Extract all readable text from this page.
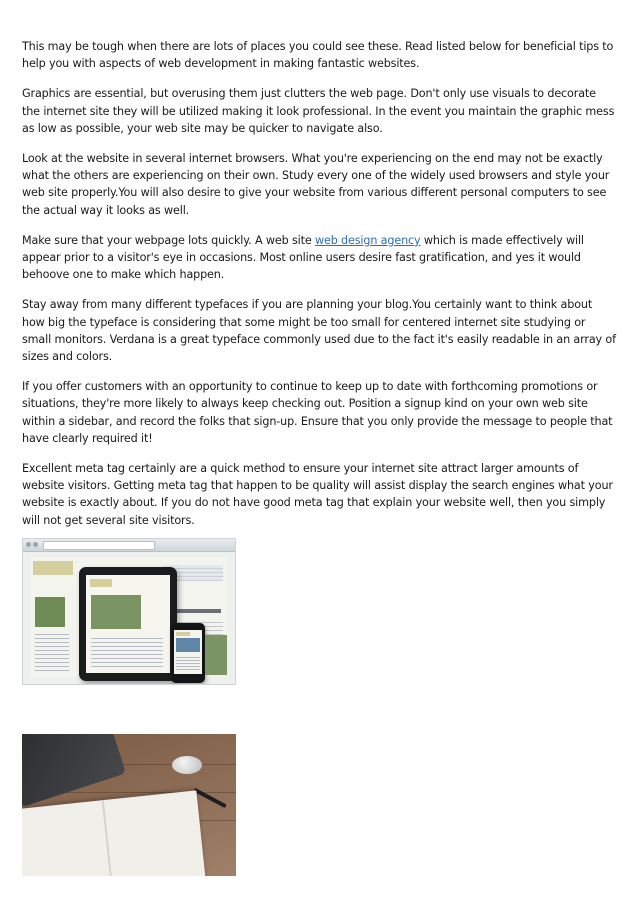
This may be tough when there are lots of places you could see these. Read listed below for beneficial tips to help you with aspects of web development in making fantastic websites.

Graphics are essential, but overusing them just clutters the web page. Don't only use visuals to decorate the internet site they will be utilized making it look professional. In the event you maintain the graphic mess as low as possible, your web site may be quicker to navigate also.

Look at the website in several internet browsers. What you're experiencing on the end may not be exactly what the others are experiencing on their own. Study every one of the widely used browsers and style your web site properly.You will also desire to give your website from various different personal computers to see the actual way it looks as well.

Make sure that your webpage lots quickly. A web site web design agency which is made effectively will appear prior to a visitor's eye in occasions. Most online users desire fast gratification, and yes it would behoove one to make which happen.

Stay away from many different typefaces if you are planning your blog.You certainly want to think about how big the typeface is considering that some might be too small for centered internet site studying or small monitors. Verdana is a great typeface commonly used due to the fact it's easily readable in an array of sizes and colors.

If you offer customers with an opportunity to continue to keep up to date with forthcoming promotions or situations, they're more likely to always keep checking out. Position a signup kind on your own web site within a sidebar, and record the folks that sign-up. Ensure that you only provide the message to people that have clearly required it!

Excellent meta tag certainly are a quick method to ensure your internet site attract larger amounts of website visitors. Getting meta tag that happen to be quality will assist display the search engines what your website is exactly about. If you do not have good meta tag that explain your website well, then you simply will not get several site visitors.
